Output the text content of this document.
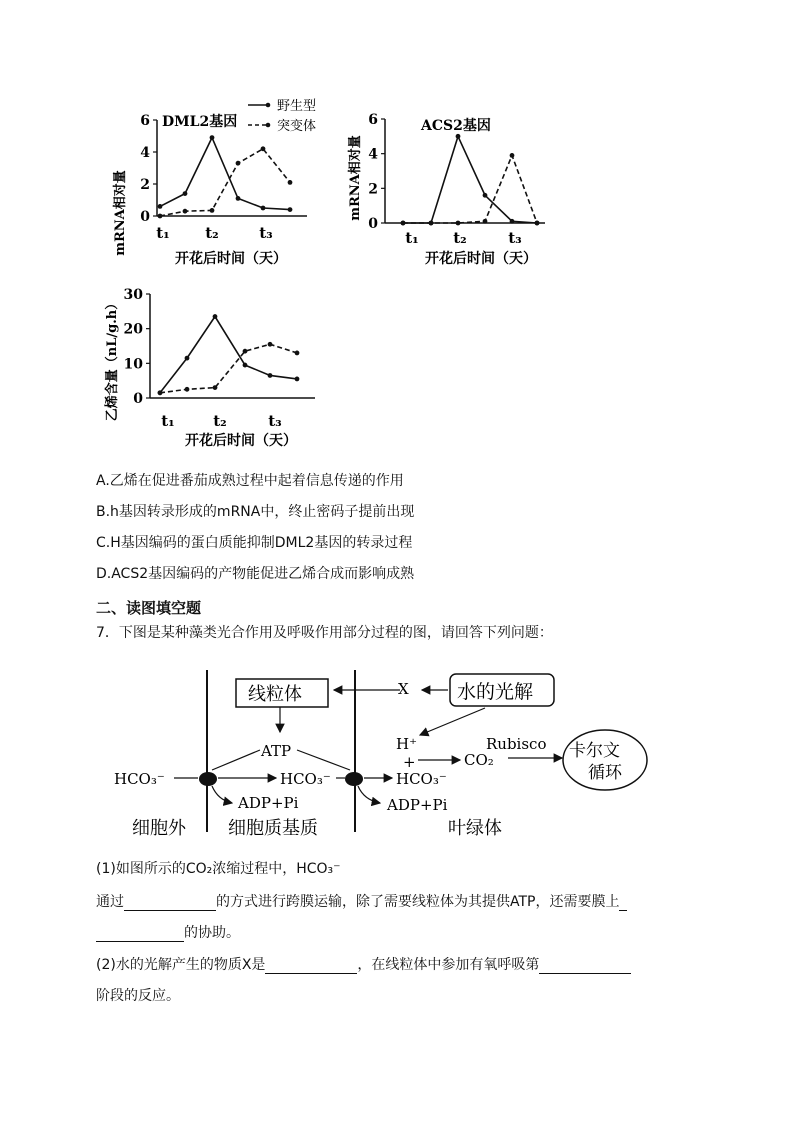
mRNA相对量
DML2基因
6
4
2
0
t₁ t₂	t₃
开花后时间（天）
野生型
突变体
mRNA相对量
ACS2基因
6
4
2
0
t₁ t₂	t₃
开花后时间（天）
乙烯含量（nL/g.h）
30
20
10
0
t₁	t₂	t₃
开花后时间（天）
A.乙烯在促进番茄成熟过程中起着信息传递的作用
B.h基因转录形成的mRNA中，终止密码子提前出现
C.H基因编码的蛋白质能抑制DML2基因的转录过程
D.ACS2基因编码的产物能促进乙烯合成而影响成熟
二、读图填空题
7．下图是某种藻类光合作用及呼吸作用部分过程的图，请回答下列问题：
线粒体	X	水的光解
ATP	H⁺
+
Rubisco
CO₂	卡尔文
循环
HCO₃⁻	HCO₃⁻	HCO₃⁻
ADP+Pi	ADP+Pi
细胞外 细胞质基质	叶绿体
(1)如图所示的CO₂浓缩过程中，HCO₃⁻
通过	的方式进行跨膜运输，除了需要线粒体为其提供ATP，还需要膜上
的协助。
(2)水的光解产生的物质X是	，在线粒体中参加有氧呼吸第
阶段的反应。
